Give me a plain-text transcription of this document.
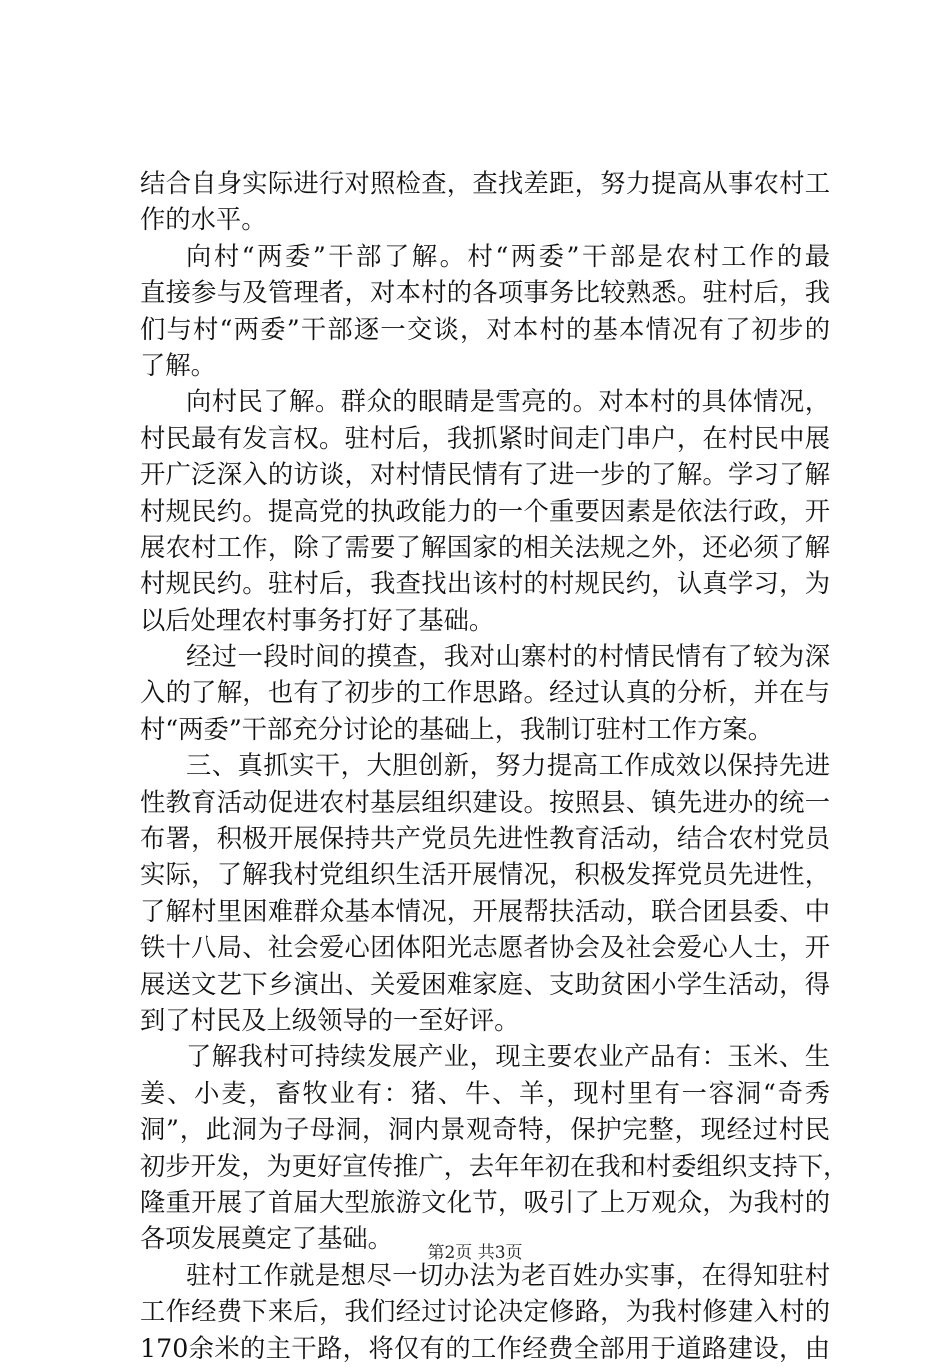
结合自身实际进行对照检查，查找差距，努力提高从事农村工
作的水平。
向村“两委”干部了解。村“两委”干部是农村工作的最
直接参与及管理者，对本村的各项事务比较熟悉。驻村后，我
们与村“两委”干部逐一交谈，对本村的基本情况有了初步的
了解。
向村民了解。群众的眼睛是雪亮的。对本村的具体情况，
村民最有发言权。驻村后，我抓紧时间走门串户，在村民中展
开广泛深入的访谈，对村情民情有了进一步的了解。学习了解
村规民约。提高党的执政能力的一个重要因素是依法行政，开
展农村工作，除了需要了解国家的相关法规之外，还必须了解
村规民约。驻村后，我查找出该村的村规民约，认真学习，为
以后处理农村事务打好了基础。
经过一段时间的摸查，我对山寨村的村情民情有了较为深
入的了解，也有了初步的工作思路。经过认真的分析，并在与
村“两委”干部充分讨论的基础上，我制订驻村工作方案。
三、真抓实干，大胆创新，努力提高工作成效以保持先进
性教育活动促进农村基层组织建设。按照县、镇先进办的统一
布署，积极开展保持共产党员先进性教育活动，结合农村党员
实际，了解我村党组织生活开展情况，积极发挥党员先进性，
了解村里困难群众基本情况，开展帮扶活动，联合团县委、中
铁十八局、社会爱心团体阳光志愿者协会及社会爱心人士，开
展送文艺下乡演出、关爱困难家庭、支助贫困小学生活动，得
到了村民及上级领导的一至好评。
了解我村可持续发展产业，现主要农业产品有：玉米、生
姜、小麦，畜牧业有：猪、牛、羊，现村里有一容洞“奇秀
洞”，此洞为子母洞，洞内景观奇特，保护完整，现经过村民
初步开发，为更好宣传推广，去年年初在我和村委组织支持下，
隆重开展了首届大型旅游文化节，吸引了上万观众，为我村的
各项发展奠定了基础。
驻村工作就是想尽一切办法为老百姓办实事，在得知驻村
工作经费下来后，我们经过讨论决定修路，为我村修建入村的
170余米的主干路，将仅有的工作经费全部用于道路建设，由
第2页 共3页
